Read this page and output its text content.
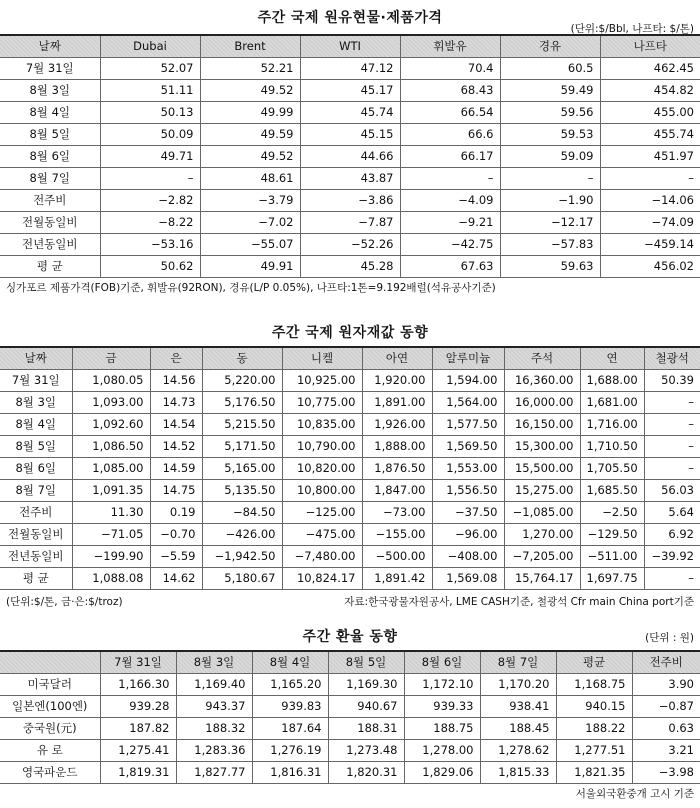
주간 국제 원유현물·제품가격
(단위:$/Bbl, 나프타: $/톤)
날짜	Dubai	Brent	WTI	휘발유	경유	나프타
7월 31일	52.07	52.21	47.12	70.4	60.5	462.45
8월 3일	51.11	49.52	45.17	68.43	59.49	454.82
8월 4일	50.13	49.99	45.74	66.54	59.56	455.00
8월 5일	50.09	49.59	45.15	66.6	59.53	455.74
8월 6일	49.71	49.52	44.66	66.17	59.09	451.97
8월 7일	–	48.61	43.87	–	–	–
전주비	−2.82	−3.79	−3.86	−4.09	−1.90	−14.06
전월동일비	−8.22	−7.02	−7.87	−9.21	−12.17	−74.09
전년동일비	−53.16	−55.07	−52.26	−42.75	−57.83	−459.14
평 균	50.62	49.91	45.28	67.63	59.63	456.02
싱가포르 제품가격(FOB)기준, 휘발유(92RON), 경유(L/P 0.05%), 나프타:1톤=9.192배럴(석유공사기준)
주간 국제 원자재값 동향
날짜	금	은	동	니켈	아연	알루미늄	주석	연	철광석
7월 31일	1,080.05	14.56	5,220.00	10,925.00	1,920.00	1,594.00	16,360.00	1,688.00	50.39
8월 3일	1,093.00	14.73	5,176.50	10,775.00	1,891.00	1,564.00	16,000.00	1,681.00	–
8월 4일	1,092.60	14.54	5,215.50	10,835.00	1,926.00	1,577.50	16,150.00	1,716.00	–
8월 5일	1,086.50	14.52	5,171.50	10,790.00	1,888.00	1,569.50	15,300.00	1,710.50	–
8월 6일	1,085.00	14.59	5,165.00	10,820.00	1,876.50	1,553.00	15,500.00	1,705.50	–
8월 7일	1,091.35	14.75	5,135.50	10,800.00	1,847.00	1,556.50	15,275.00	1,685.50	56.03
전주비	11.30	0.19	−84.50	−125.00	−73.00	−37.50	−1,085.00	−2.50	5.64
전월동일비	−71.05	−0.70	−426.00	−475.00	−155.00	−96.00	1,270.00	−129.50	6.92
전년동일비	−199.90	−5.59	−1,942.50	−7,480.00	−500.00	−408.00	−7,205.00	−511.00	−39.92
평 균	1,088.08	14.62	5,180.67	10,824.17	1,891.42	1,569.08	15,764.17	1,697.75	–
(단위:$/톤, 금·은:$/troz)	자료:한국광물자원공사, LME CASH기준, 철광석 Cfr main China port기준
주간 환율 동향	(단위 : 원)
	7월 31일	8월 3일	8월 4일	8월 5일	8월 6일	8월 7일	평균	전주비
미국달러	1,166.30	1,169.40	1,165.20	1,169.30	1,172.10	1,170.20	1,168.75	3.90
일본엔(100엔)	939.28	943.37	939.83	940.67	939.33	938.41	940.15	−0.87
중국원(元)	187.82	188.32	187.64	188.31	188.75	188.45	188.22	0.63
유 로	1,275.41	1,283.36	1,276.19	1,273.48	1,278.00	1,278.62	1,277.51	3.21
영국파운드	1,819.31	1,827.77	1,816.31	1,820.31	1,829.06	1,815.33	1,821.35	−3.98
서울외국환중개 고시 기준
